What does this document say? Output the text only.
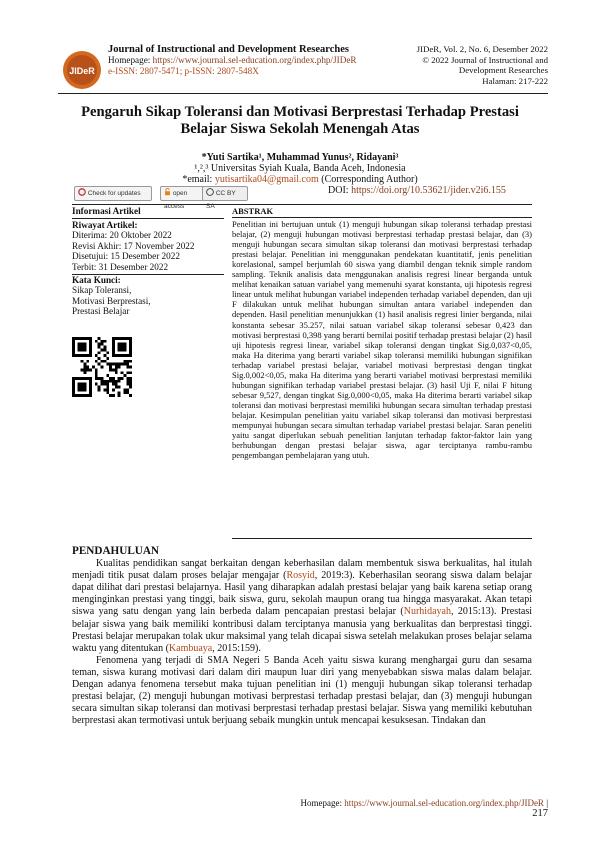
JIDeR
Journal of Instructional and Development Researches
Homepage: https://www.journal.sel-education.org/index.php/JIDeR
e-ISSN: 2807-5471; p-ISSN: 2807-548X
JIDeR, Vol. 2, No. 6, Desember 2022
© 2022 Journal of Instructional and Development Researches
Halaman: 217-222
Pengaruh Sikap Toleransi dan Motivasi Berprestasi Terhadap Prestasi Belajar Siswa Sekolah Menengah Atas
*Yuti Sartika¹, Muhammad Yunus², Ridayani³
¹,²,³ Universitas Syiah Kuala, Banda Aceh, Indonesia
*email: yutisartika04@gmail.com (Corresponding Author)
Check for updates	open access
CC BY SA
DOI: https://doi.org/10.53621/jider.v2i6.155
Informasi Artikel
Riwayat Artikel:
Diterima: 20 Oktober 2022
Revisi Akhir: 17 November 2022
Disetujui: 15 Desember 2022
Terbit: 31 Desember 2022
Kata Kunci:
Sikap Toleransi,
Motivasi Berprestasi,
Prestasi Belajar
ABSTRAK
Penelitian ini bertujuan untuk (1) menguji hubungan sikap toleransi terhadap prestasi belajar, (2) menguji hubungan motivasi berprestasi terhadap prestasi belajar, dan (3) menguji hubungan secara simultan sikap toleransi dan motivasi berprestasi terhadap prestasi belajar. Penelitian ini menggunakan pendekatan kuantitatif, jenis penelitian korelasional, sampel berjumlah 60 siswa yang diambil dengan teknik simple random sampling. Teknik analisis data menggunakan analisis regresi linear berganda untuk melihat kenaikan satuan variabel yang memenuhi syarat konstanta, uji hipotesis regresi linear untuk melihat hubungan variabel independen terhadap variabel dependen, dan uji F dilakukan untuk melihat hubungan simultan antara variabel independen dan dependen. Hasil penelitian menunjukkan (1) hasil analisis regresi linier berganda, nilai konstanta sebesar 35.257, nilai satuan variabel sikap toleransi sebesar 0,423 dan motivasi berprestasi 0,398 yang berarti bernilai positif terhadap prestasi belajar (2) hasil uji hipotesis regresi linear, variabel sikap toleransi dengan tingkat Sig.0,037<0,05, maka Ha diterima yang berarti variabel sikap toleransi memiliki hubungan signifikan terhadap variabel prestasi belajar, variabel motivasi berprestasi dengan tingkat Sig.0,002<0,05, maka Ha diterima yang berarti variabel motivasi berprestasi memiliki hubungan signifikan terhadap variabel prestasi belajar. (3) hasil Uji F, nilai F hitung sebesar 9,527, dengan tingkat Sig.0,000<0,05, maka Ha diterima berarti variabel sikap toleransi dan motivasi berprestasi memiliki hubungan secara simultan terhadap prestasi belajar. Kesimpulan penelitian yaitu variabel sikap toleransi dan motivasi berprestasi mempunyai hubungan secara simultan terhadap variabel prestasi belajar. Saran peneliti yaitu sangat diperlukan sebuah penelitian lanjutan terhadap faktor-faktor lain yang berhubungan dengan prestasi belajar siswa, agar terciptanya rambu-rambu pengembangan pembelajaran yang utuh.
PENDAHULUAN

Kualitas pendidikan sangat berkaitan dengan keberhasilan dalam membentuk siswa berkualitas, hal itulah menjadi titik pusat dalam proses belajar mengajar (Rosyid, 2019:3). Keberhasilan seorang siswa dalam belajar dapat dilihat dari prestasi belajarnya. Hasil yang diharapkan adalah prestasi belajar yang baik karena setiap orang menginginkan prestasi yang tinggi, baik siswa, guru, sekolah maupun orang tua hingga masyarakat. Akan tetapi siswa yang satu dengan yang lain berbeda dalam pencapaian prestasi belajar (Nurhidayah, 2015:13). Prestasi belajar siswa yang baik memiliki kontribusi dalam terciptanya manusia yang berkualitas dan berprestasi tinggi. Prestasi belajar merupakan tolak ukur maksimal yang telah dicapai siswa setelah melakukan proses belajar selama waktu yang ditentukan (Kambuaya, 2015:159).

Fenomena yang terjadi di SMA Negeri 5 Banda Aceh yaitu siswa kurang menghargai guru dan sesama teman, siswa kurang motivasi dari dalam diri maupun luar diri yang menyebabkan siswa malas dalam belajar. Dengan adanya fenomena tersebut maka tujuan penelitian ini (1) menguji hubungan sikap toleransi terhadap prestasi belajar, (2) menguji hubungan motivasi berprestasi terhadap prestasi belajar, dan (3) menguji hubungan secara simultan sikap toleransi dan motivasi berprestasi terhadap prestasi belajar. Siswa yang memiliki kebutuhan berprestasi akan termotivasi untuk berjuang sebaik mungkin untuk mencapai kesuksesan. Tindakan dan

Homepage: https://www.journal.sel-education.org/index.php/JIDeR | 217
